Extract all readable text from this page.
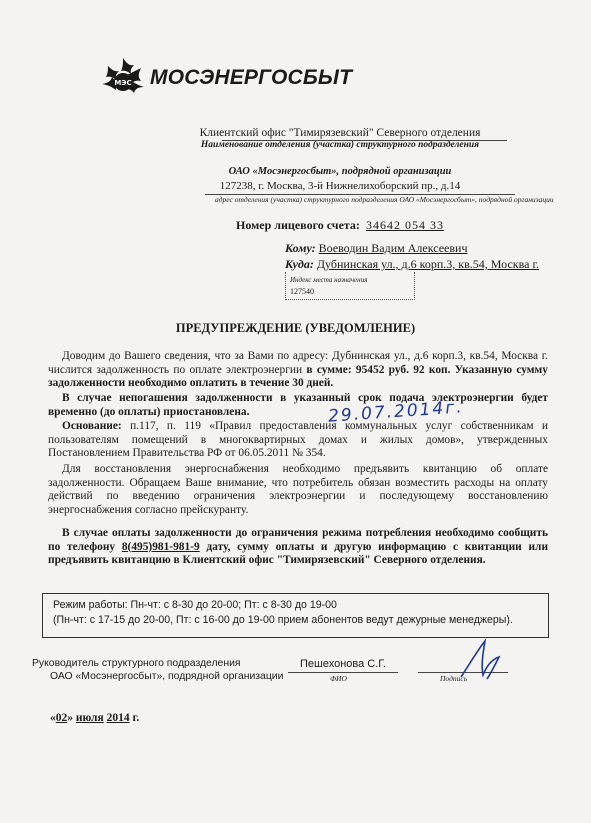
МЭС МОСЭНЕРГОСБЫТ
Клиентский офис "Тимирязевский" Северного отделения
Наименование отделения (участка) структурного подразделения
ОАО «Мосэнергосбыт», подрядной организации
127238, г. Москва, 3-й Нижнелихоборский пр., д.14
адрес отделения (участка) структурного подразделения ОАО «Мосэнергосбыт», подрядной организации
Номер лицевого счета: 34642 054 33
Кому: Воеводин Вадим Алексеевич
Куда: Дубнинская ул., д.6 корп.3, кв.54, Москва г.
Индекс места назначения
127540
ПРЕДУПРЕЖДЕНИЕ (УВЕДОМЛЕНИЕ)
Доводим до Вашего сведения, что за Вами по адресу: Дубнинская ул., д.6 корп.3, кв.54, Москва г. числится задолженность по оплате электроэнергии в сумме: 95452 руб. 92 коп. Указанную сумму задолженности необходимо оплатить в течение 30 дней.
В случае непогашения задолженности в указанный срок подача электроэнергии будет временно (до оплаты) приостановлена.	29.07.2014г.
Основание: п.117, п. 119 «Правил предоставления коммунальных услуг собственникам и пользователям помещений в многоквартирных домах и жилых домов», утвержденных Постановлением Правительства РФ от 06.05.2011 № 354.
Для восстановления энергоснабжения необходимо предъявить квитанцию об оплате задолженности. Обращаем Ваше внимание, что потребитель обязан возместить расходы на оплату действий по введению ограничения электроэнергии и последующему восстановлению энергоснабжения согласно прейскуранту.
В случае оплаты задолженности до ограничения режима потребления необходимо сообщить по телефону 8(495)981-981-9 дату, сумму оплаты и другую информацию с квитанции или предъявить квитанцию в Клиентский офис "Тимирязевский" Северного отделения.
Режим работы: Пн-чт: с 8-30 до 20-00; Пт: с 8-30 до 19-00
(Пн-чт: с 17-15 до 20-00, Пт: с 16-00 до 19-00 прием абонентов ведут дежурные менеджеры).
Руководитель структурного подразделения
ОАО «Мосэнергосбыт», подрядной организации
Пешехонова С.Г.
ФИО	Подпись
«02» июля 2014 г.
